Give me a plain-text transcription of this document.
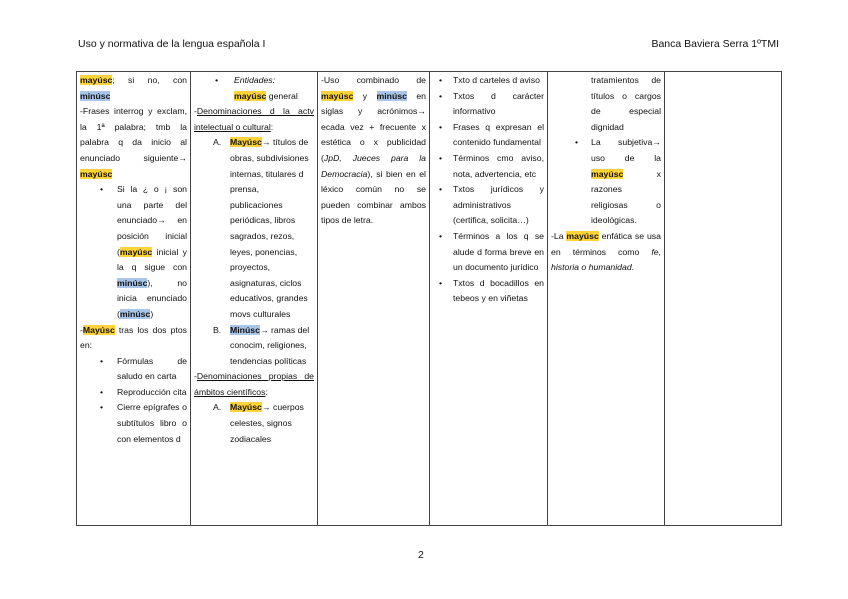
Uso y normativa de la lengua española I	Banca Baviera Serra 1ºTMI

mayúsc; si no, con minúsc

-Frases interrog y exclam, la 1ª palabra; tmb la palabra q da inicio al enunciado siguiente→ mayúsc

• Si la ¿ o ¡ son una parte del enunciado→ en posición inicial (mayúsc inicial y la q sigue con minúsc), no inicia enunciado (minúsc)

-Mayúsc tras los dos ptos en:

• Fórmulas de saludo en carta
• Reproducción cita
• Cierre epígrafes o subtítulos libro o con elementos d

• Entidades:

mayúsc general

-Denominaciones d la actv intelectual o cultural:

A. Mayúsc→ títulos de obras, subdivisiones internas, titulares d prensa, publicaciones periódicas, libros sagrados, rezos, leyes, ponencias, proyectos, asignaturas, ciclos educativos, grandes movs culturales
B. Minúsc→ ramas del conocim, religiones, tendencias políticas

-Denominaciones propias de ámbitos científicos:

A. Mayúsc→ cuerpos celestes, signos zodiacales

-Uso combinado de mayúsc y minúsc en siglas y acrónimos→ ecada vez + frecuente x estética o x publicidad (JpD, Jueces para la Democracia), si bien en el léxico común no se pueden combinar ambos tipos de letra.

• Txto d carteles d aviso
• Txtos d carácter informativo
• Frases q expresan el contenido fundamental
• Términos cmo aviso, nota, advertencia, etc
• Txtos jurídicos y administrativos (certifica, solicita…)
• Términos a los q se alude d forma breve en un documento jurídico
• Txtos d bocadillos en tebeos y en viñetas

tratamientos de títulos o cargos de especial dignidad

• La subjetiva→ uso de la mayúsc x razones religiosas o ideológicas.

-La mayúsc enfática se usa en términos como fe, historia o humanidad.

2
